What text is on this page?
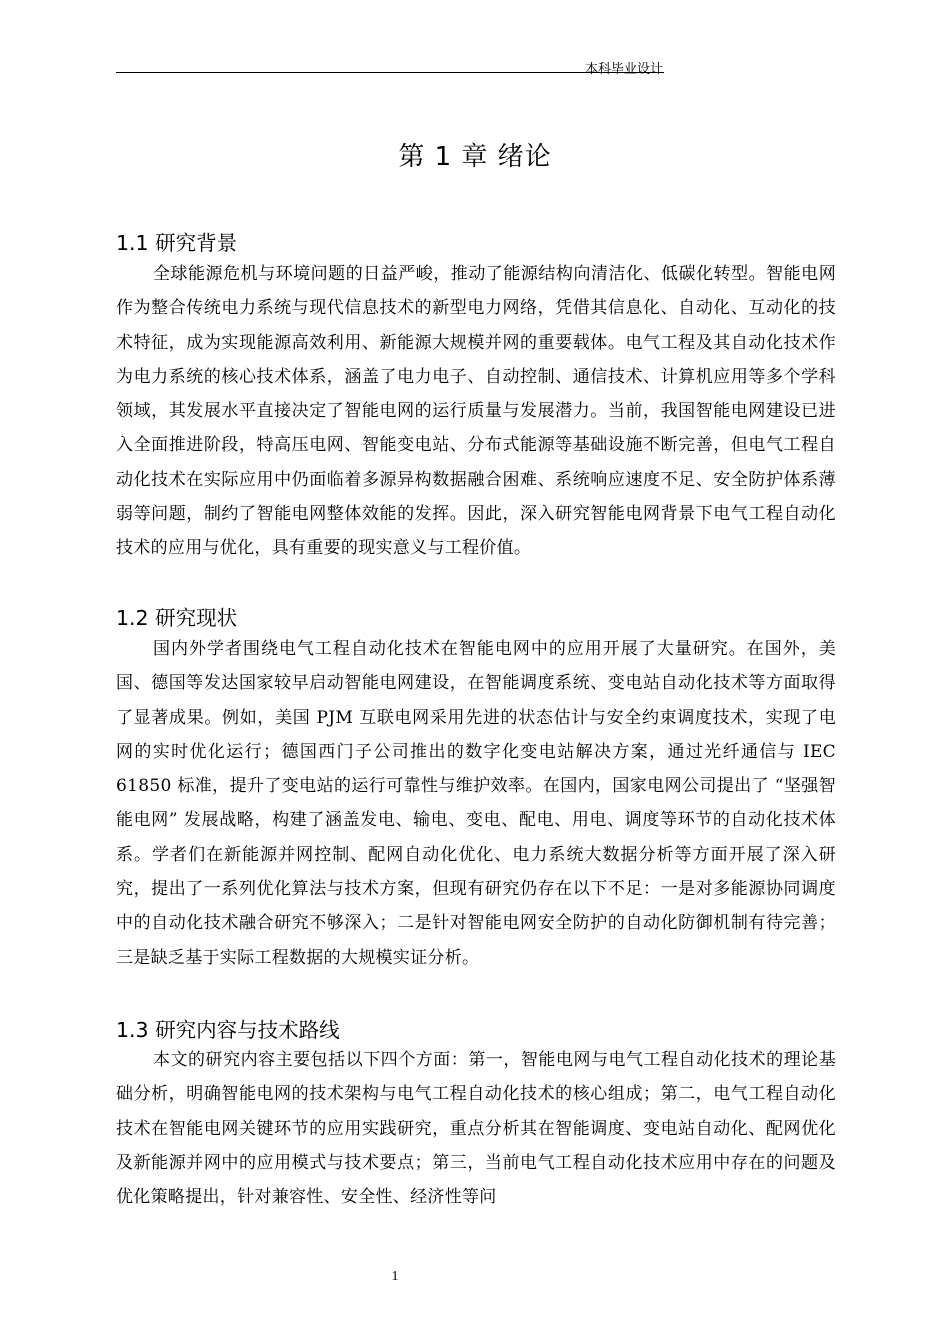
本科毕业设计
第 1 章 绪论
1.1 研究背景

全球能源危机与环境问题的日益严峻，推动了能源结构向清洁化、低碳化转型。智能电网作为整合传统电力系统与现代信息技术的新型电力网络，凭借其信息化、自动化、互动化的技术特征，成为实现能源高效利用、新能源大规模并网的重要载体。电气工程及其自动化技术作为电力系统的核心技术体系，涵盖了电力电子、自动控制、通信技术、计算机应用等多个学科领域，其发展水平直接决定了智能电网的运行质量与发展潜力。当前，我国智能电网建设已进入全面推进阶段，特高压电网、智能变电站、分布式能源等基础设施不断完善，但电气工程自动化技术在实际应用中仍面临着多源异构数据融合困难、系统响应速度不足、安全防护体系薄弱等问题，制约了智能电网整体效能的发挥。因此，深入研究智能电网背景下电气工程自动化技术的应用与优化，具有重要的现实意义与工程价值。

1.2 研究现状

国内外学者围绕电气工程自动化技术在智能电网中的应用开展了大量研究。在国外，美国、德国等发达国家较早启动智能电网建设，在智能调度系统、变电站自动化技术等方面取得了显著成果。例如，美国 PJM 互联电网采用先进的状态估计与安全约束调度技术，实现了电网的实时优化运行；德国西门子公司推出的数字化变电站解决方案，通过光纤通信与 IEC 61850 标准，提升了变电站的运行可靠性与维护效率。在国内，国家电网公司提出了 “坚强智能电网” 发展战略，构建了涵盖发电、输电、变电、配电、用电、调度等环节的自动化技术体系。学者们在新能源并网控制、配网自动化优化、电力系统大数据分析等方面开展了深入研究，提出了一系列优化算法与技术方案，但现有研究仍存在以下不足：一是对多能源协同调度中的自动化技术融合研究不够深入；二是针对智能电网安全防护的自动化防御机制有待完善；三是缺乏基于实际工程数据的大规模实证分析。

1.3 研究内容与技术路线

本文的研究内容主要包括以下四个方面：第一，智能电网与电气工程自动化技术的理论基础分析，明确智能电网的技术架构与电气工程自动化技术的核心组成；第二，电气工程自动化技术在智能电网关键环节的应用实践研究，重点分析其在智能调度、变电站自动化、配网优化及新能源并网中的应用模式与技术要点；第三，当前电气工程自动化技术应用中存在的问题及优化策略提出，针对兼容性、安全性、经济性等问

1
